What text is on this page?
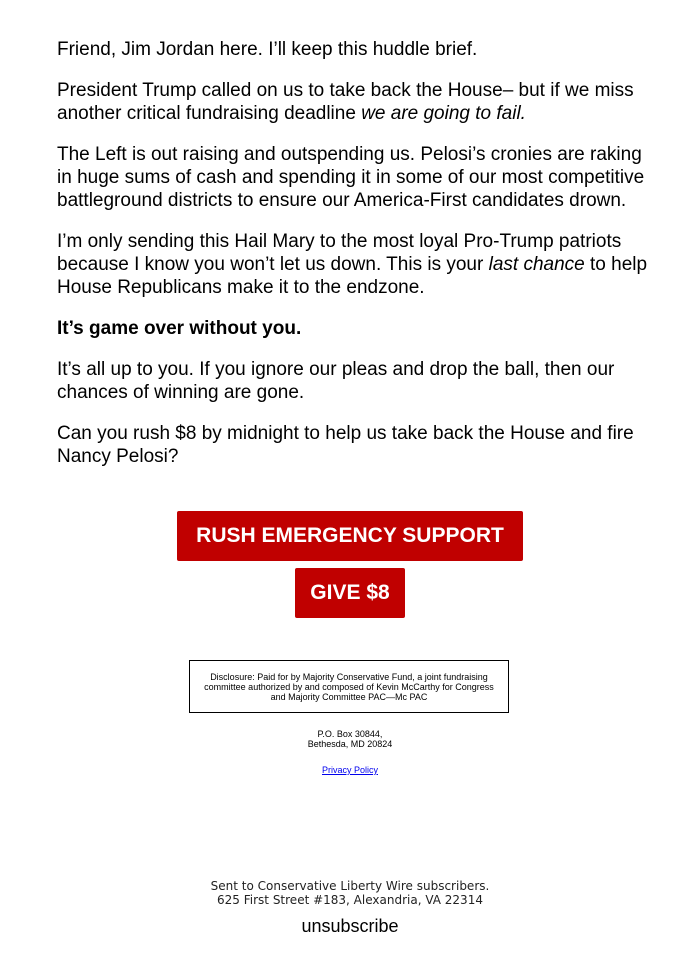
Friend, Jim Jordan here. I’ll keep this huddle brief.

President Trump called on us to take back the House– but if we miss another critical fundraising deadline we are going to fail.

The Left is out raising and outspending us. Pelosi’s cronies are raking in huge sums of cash and spending it in some of our most competitive battleground districts to ensure our America-First candidates drown.

I’m only sending this Hail Mary to the most loyal Pro-Trump patriots because I know you won’t let us down. This is your last chance to help House Republicans make it to the endzone.

It’s game over without you.

It’s all up to you. If you ignore our pleas and drop the ball, then our chances of winning are gone.

Can you rush $8 by midnight to help us take back the House and fire Nancy Pelosi?

RUSH EMERGENCY SUPPORT
GIVE $8
Disclosure: Paid for by Majority Conservative Fund, a joint fundraising committee authorized by and composed of Kevin McCarthy for Congress and Majority Committee PAC—Mc PAC
P.O. Box 30844,
Bethesda, MD 20824
Privacy Policy
Sent to Conservative Liberty Wire subscribers.
625 First Street #183, Alexandria, VA 22314
unsubscribe
